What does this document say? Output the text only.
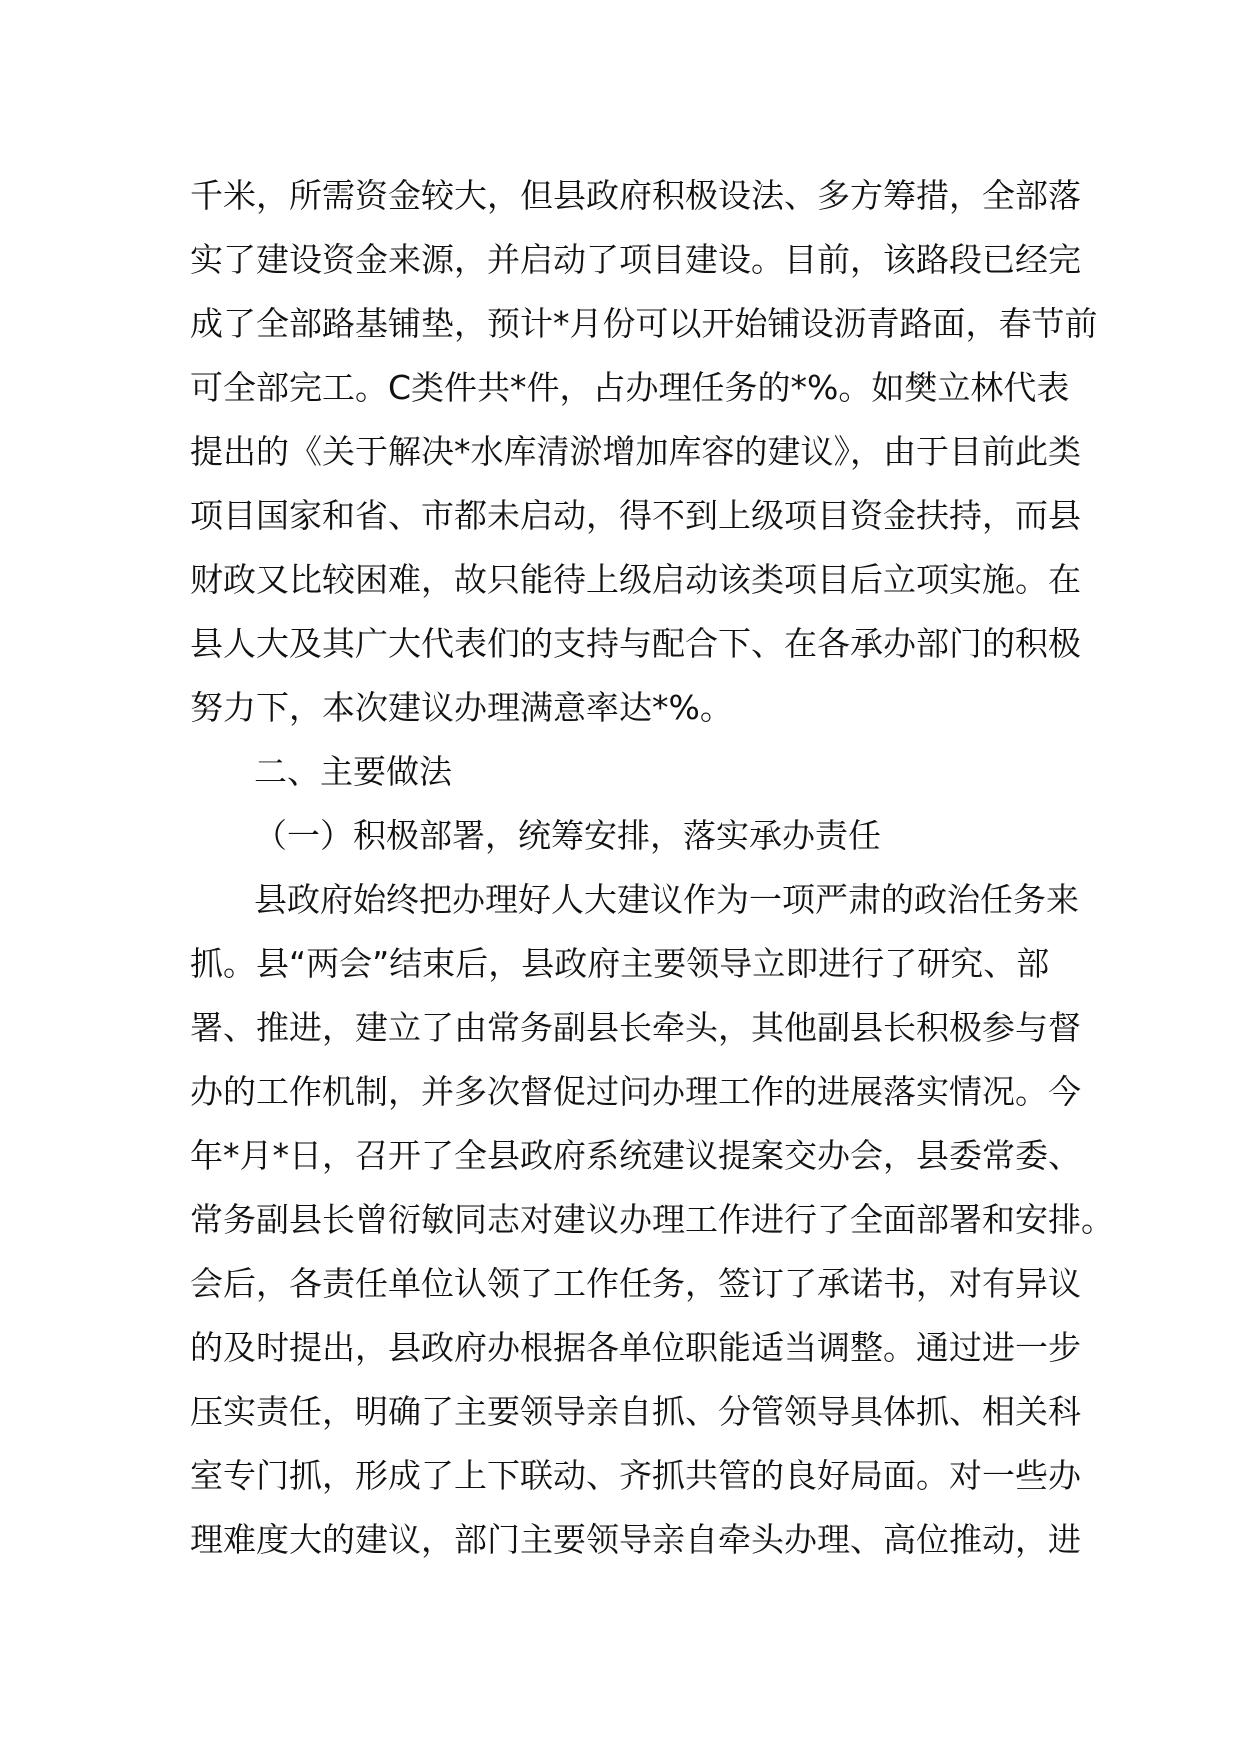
千米，所需资金较大，但县政府积极设法、多方筹措，全部落
实了建设资金来源，并启动了项目建设。目前，该路段已经完
成了全部路基铺垫，预计*月份可以开始铺设沥青路面，春节前
可全部完工。C类件共*件，占办理任务的*%。如樊立林代表
提出的《关于解决*水库清淤增加库容的建议》，由于目前此类
项目国家和省、市都未启动，得不到上级项目资金扶持，而县
财政又比较困难，故只能待上级启动该类项目后立项实施。在
县人大及其广大代表们的支持与配合下、在各承办部门的积极
努力下，本次建议办理满意率达*%。
二、主要做法
（一）积极部署，统筹安排，落实承办责任
县政府始终把办理好人大建议作为一项严肃的政治任务来
抓。县“两会”结束后，县政府主要领导立即进行了研究、部
署、推进，建立了由常务副县长牵头，其他副县长积极参与督
办的工作机制，并多次督促过问办理工作的进展落实情况。今
年*月*日，召开了全县政府系统建议提案交办会，县委常委、
常务副县长曾衍敏同志对建议办理工作进行了全面部署和安排。
会后，各责任单位认领了工作任务，签订了承诺书，对有异议
的及时提出，县政府办根据各单位职能适当调整。通过进一步
压实责任，明确了主要领导亲自抓、分管领导具体抓、相关科
室专门抓，形成了上下联动、齐抓共管的良好局面。对一些办
理难度大的建议，部门主要领导亲自牵头办理、高位推动，进
